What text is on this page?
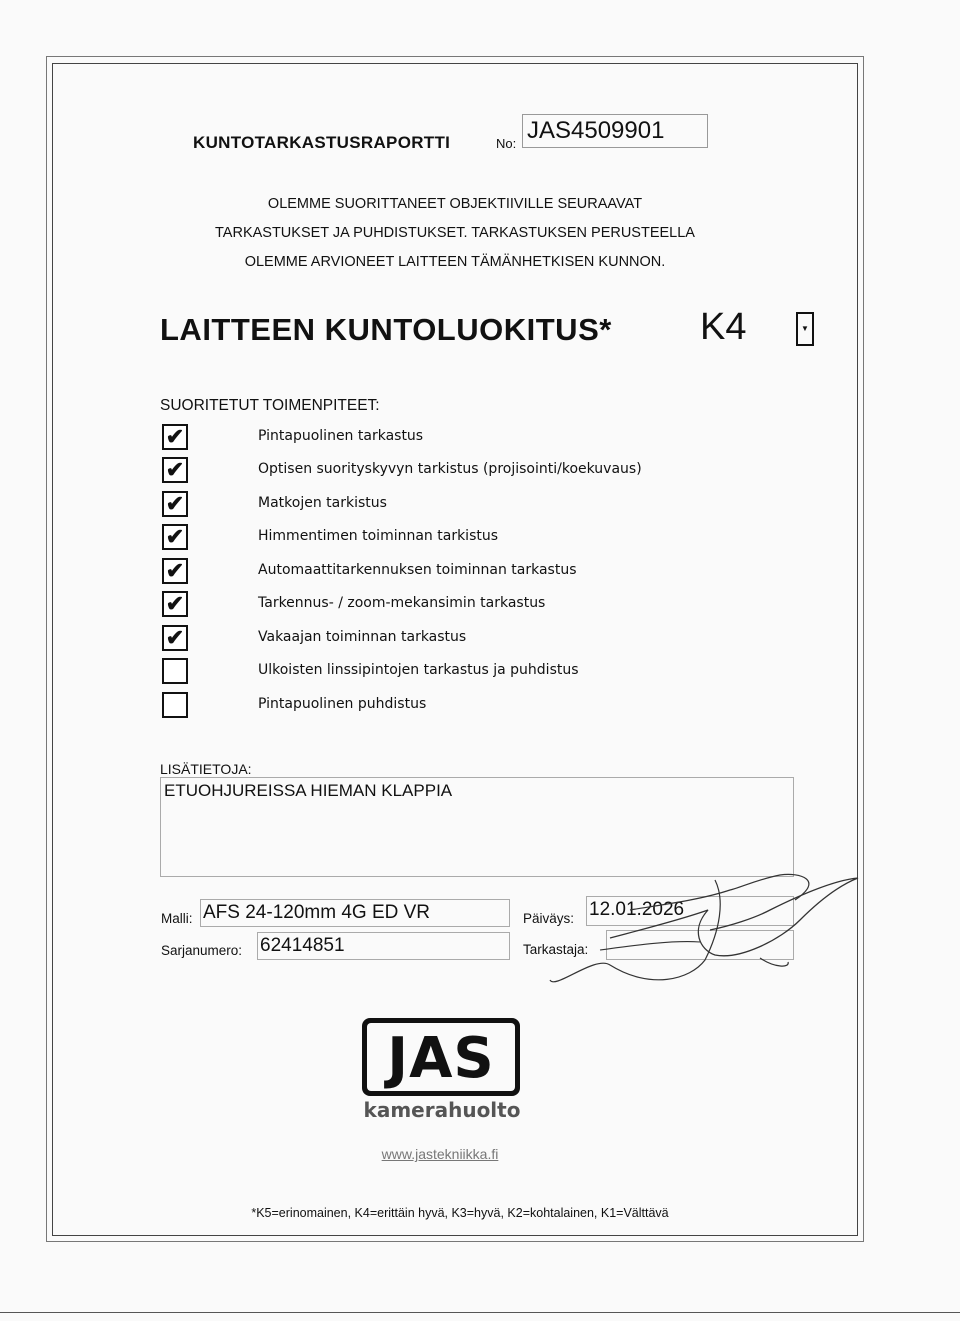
KUNTOTARKASTUSRAPORTTI	No: JAS4509901
OLEMME SUORITTANEET OBJEKTIIVILLE SEURAAVAT
TARKASTUKSET JA PUHDISTUKSET. TARKASTUKSEN PERUSTEELLA
OLEMME ARVIONEET LAITTEEN TÄMÄNHETKISEN KUNNON.
LAITTEEN KUNTOLUOKITUS* K4	▼
SUORITETUT TOIMENPITEET:
✔	Pintapuolinen tarkastus
✔	Optisen suorityskyvyn tarkistus (projisointi/koekuvaus)
✔	Matkojen tarkistus
✔	Himmentimen toiminnan tarkistus
✔	Automaattitarkennuksen toiminnan tarkastus
✔	Tarkennus- / zoom-mekansimin tarkastus
✔	Vakaajan toiminnan tarkastus
Ulkoisten linssipintojen tarkastus ja puhdistus
Pintapuolinen puhdistus
LISÄTIETOJA:
ETUOHJUREISSA HIEMAN KLAPPIA
Malli: AFS 24-120mm 4G ED VR
Sarjanumero: 62414851
Päiväys: 12.01.2026
Tarkastaja:
JAS
kamerahuolto
www.jastekniikka.fi
*K5=erinomainen, K4=erittäin hyvä, K3=hyvä, K2=kohtalainen, K1=Välttävä
